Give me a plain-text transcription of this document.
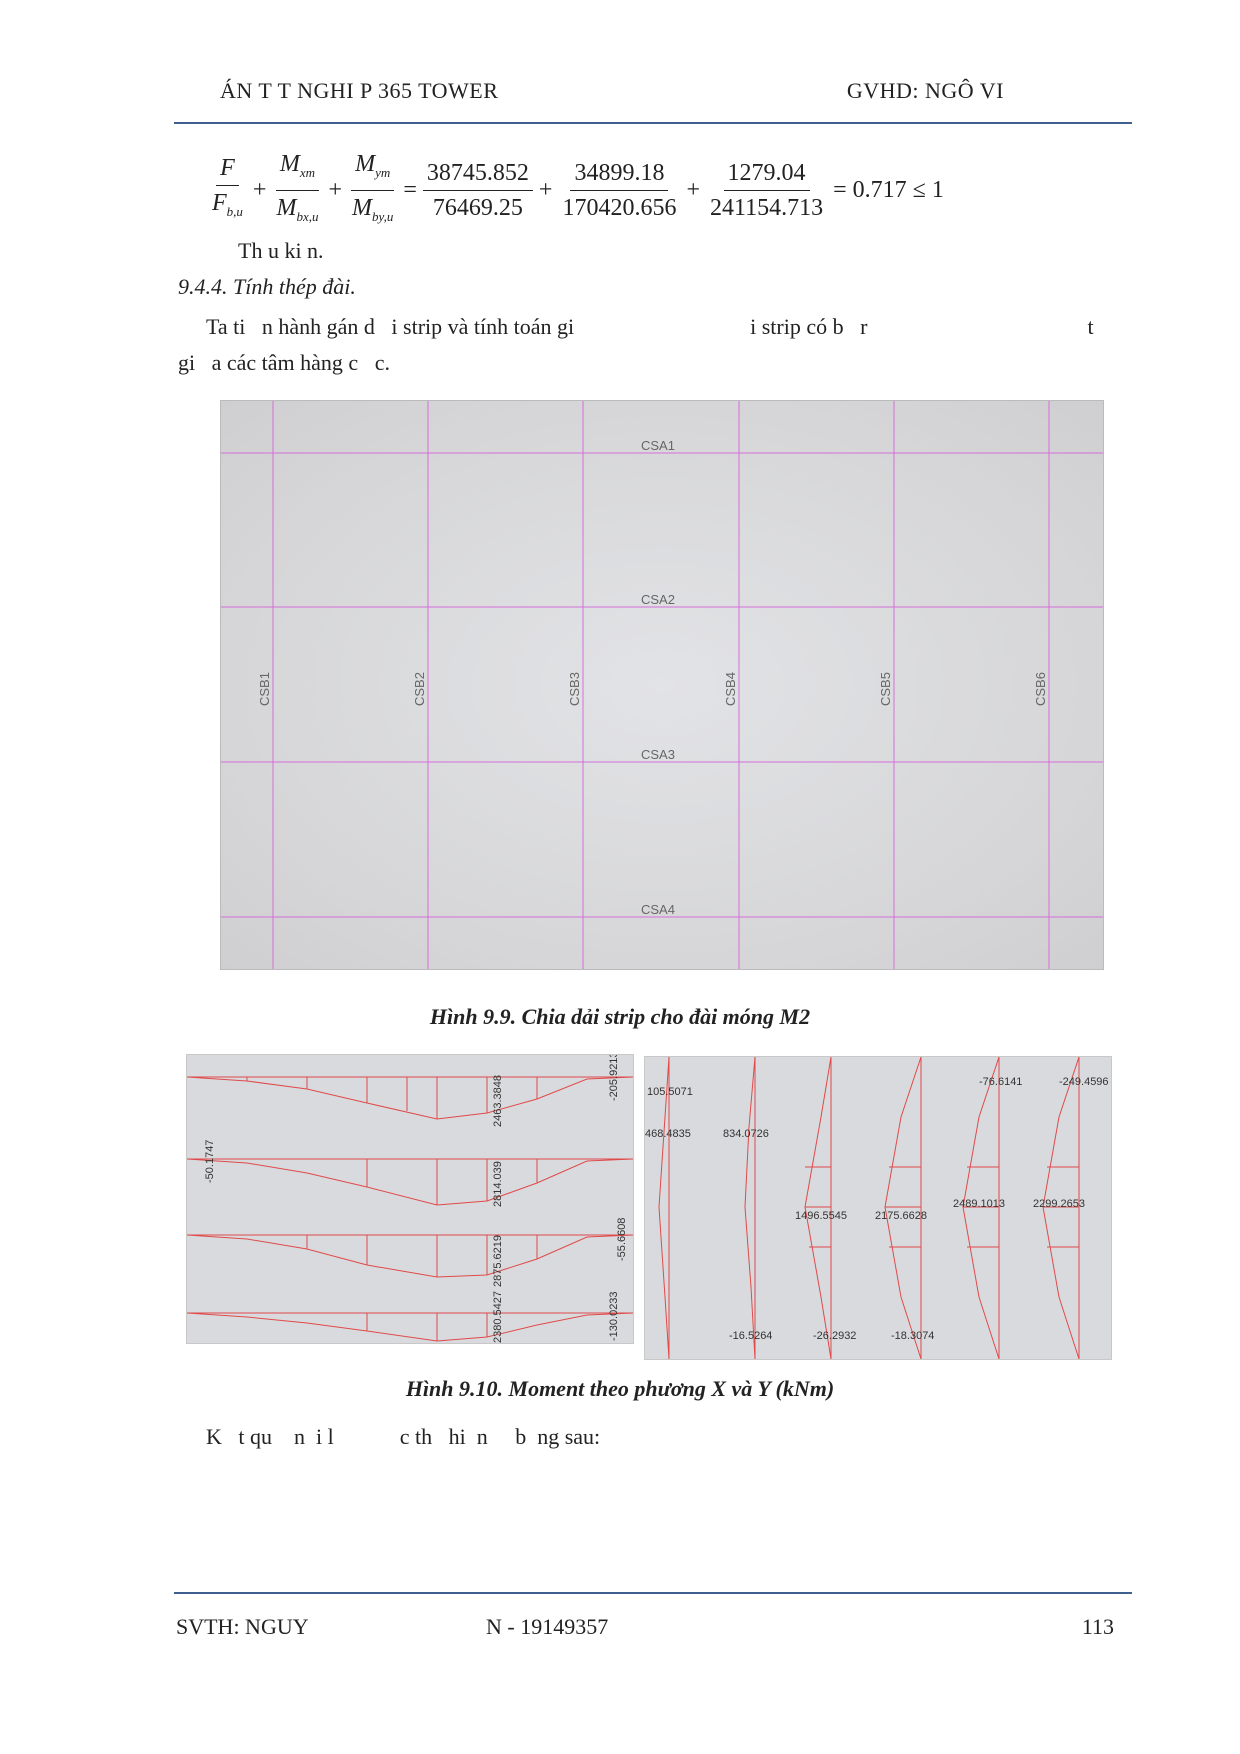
ÁN T T NGHI P 365 TOWER	GVHD: NGÔ VI
$\frac{F}{F_{b,u}} + \frac{M_{xm}}{M_{bx,u}} + \frac{M_{ym}}{M_{by,u}} = \frac{38745.852}{76469.25} + \frac{34899.18}{170420.656} + \frac{1279.04}{241154.713} = 0.717 \le 1$
Th u ki n.
9.4.4. Tính thép đài.
Ta ti   n hành gán d   i strip và tính toán gi                                i strip có b   r                                        t
gi   a các tâm hàng c   c.
CSA1
CSA2
CSA3
CSA4
CSB1	CSB2	CSB3	CSB4	CSB5	CSB6
Hình 9.9. Chia dải strip cho đài móng M2
2463.3848	-205.9213
-50.1747	2814.039
2875.6219	-55.6608
2380.5427	-130.0233
105.5071
468.4835	834.0726
-76.6141	-249.4596
1496.5545	2175.6628
2489.1013	2299.2653
-16.5264	-26.2932	-18.3074
Hình 9.10. Moment theo phương X và Y (kNm)
K   t qu    n  i l            c th   hi  n     b  ng sau:
SVTH: NGUY	N - 19149357	113
